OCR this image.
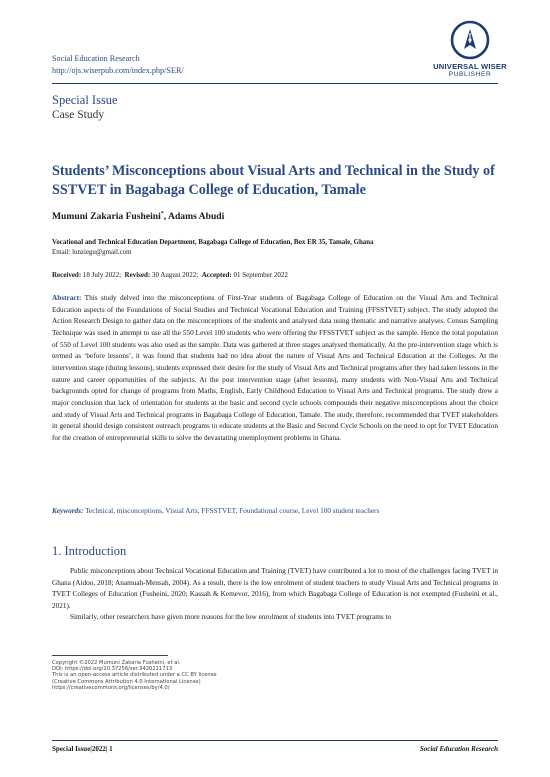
Social Education Research
http://ojs.wiserpub.com/index.php/SER/	UNIVERSAL WISER
PUBLISHER
Special Issue
Case Study
Students’ Misconceptions about Visual Arts and Technical in the Study of SSTVET in Bagabaga College of Education, Tamale
Mumuni Zakaria Fusheini*, Adams Abudi
Vocational and Technical Education Department, Bagabaga College of Education, Box ER 35, Tamale, Ghana
Email: lunziegu@gmail.com
Received: 18 July 2022; Revised: 30 August 2022; Accepted: 01 September 2022
Abstract: This study delved into the misconceptions of First-Year students of Bagabaga College of Education on the Visual Arts and Technical Education aspects of the Foundations of Social Studies and Technical Vocational Education and Training (FFSSTVET) subject. The study adopted the Action Research Design to gather data on the misconceptions of the students and analysed data using thematic and narrative analyses. Census Sampling Technique was used in attempt to use all the 550 Level 100 students who were offering the FFSSTVET subject as the sample. Hence the total population of 550 of Level 100 students was also used as the sample. Data was gathered at three stages analysed thematically. At the pre-intervention stage which is termed as ‘before lessons’, it was found that students had no idea about the nature of Visual Arts and Technical Education at the Colleges. At the intervention stage (during lessons), students expressed their desire for the study of Visual Arts and Technical programs after they had taken lessons in the nature and career opportunities of the subjects. At the post intervention stage (after lessons), many students with Non-Visual Arts and Technical backgrounds opted for change of programs from Maths, English, Early Childhood Education to Visual Arts and Technical programs. The study drew a major conclusion that lack of orientation for students at the basic and second cycle schools compounds their negative misconceptions about the choice and study of Visual Arts and Technical programs in Bagabaga College of Education, Tamale. The study, therefore, recommended that TVET stakeholders in general should design consistent outreach programs to educate students at the Basic and Second Cycle Schools on the need to opt for TVET Education for the creation of entrepreneurial skills to solve the devastating unemployment problems in Ghana.
Keywords: Technical, misconceptions, Visual Arts, FFSSTVET, Foundational course, Level 100 student teachers
1. Introduction

Public misconceptions about Technical Vocational Education and Training (TVET) have contributed a lot to most of the challenges facing TVET in Ghana (Aidoo, 2018; Anamuah-Mensah, 2004). As a result, there is the low enrolment of student teachers to study Visual Arts and Technical programs in TVET Colleges of Education (Fusheini, 2020; Kassah & Kemevor, 2016), from which Bagabaga College of Education is not exempted (Fusheini et al., 2021).

Similarly, other researchers have given more reasons for the low enrolment of students into TVET programs to

Copyright ©2022 Mumuni Zakaria Fusheini, et al.
DOI: https://doi.org/10.37256/ser.3420221713
This is an open-access article distributed under a CC BY license
(Creative Commons Attribution 4.0 International License)
https://creativecommons.org/licenses/by/4.0/
Special Issue|2022| 1	Social Education Research
